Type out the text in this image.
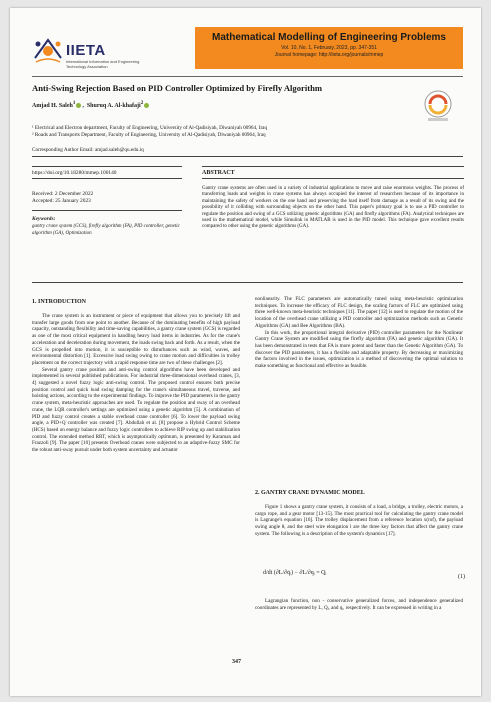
IIETA
International Information and Engineering Technology Association
Mathematical Modelling of Engineering Problems
Vol. 10, No. 1, February, 2023, pp. 347-351
Journal homepage: http://iieta.org/journals/mmep
Anti-Swing Rejection Based on PID Controller Optimized by Firefly Algorithm
Amjad H. Saleh$^1$ ,  Shuruq A. Al-khafaji$^2$
¹ Electrical and Electron department, Faculty of Engineering, University of Al-Qadisiyah, Diwaniyah 00964, Iraq
² Roads and Transports Department, Faculty of Engineering, University of Al-Qadisiyah, Diwaniyah 00964, Iraq
Corresponding Author Email: amjad.saleh@qu.edu.iq
https://doi.org/10.18280/mmep.100140	ABSTRACT
Received: 2 December 2022
Accepted: 25 January 2023
Keywords:
gantry crane system (GCS), firefly algorithm (FA), PID controller, genetic algorithm (GA), Optimization
Gantry crane systems are often used in a variety of industrial applications to move and raise enormous weights. The process of transferring loads and weights in crane systems has always occupied the interest of researchers because of its importance in maintaining the safety of workers on the one hand and preserving the load itself from damage as a result of its swing and the possibility of it colliding with surrounding objects on the other hand. This paper's primary goal is to use a PID controller to regulate the position and swing of a GCS utilizing genetic algorithms (GA) and firefly algorithms (FA). Analytical techniques are used in the mathematical model, while Simulink in MATLAB is used in the PID model. This technique gave excellent results compared to other using the genetic algorithms (GA).
1. INTRODUCTION

The crane system is an instrument or piece of equipment that allows you to precisely lift and transfer large goods from one point to another. Because of the dominating benefits of high payload capacity, outstanding flexibility and time-saving capabilities, a gantry crane system (GCS) is regarded as one of the most critical equipment in handling heavy load items in industries. As for the crane's acceleration and deceleration during movement, the loads swing back and forth. As a result, when the GCS is propelled into motion, it is susceptible to disturbances such as wind, waves, and environmental distortion [1]. Excessive load swing owing to crane motion and difficulties in trolley placement on the correct trajectory with a rapid response time are two of these challenges [2].

Several gantry crane position and anti-swing control algorithms have been developed and implemented in several published publications. For industrial three-dimensional overhead cranes, [3, 4] suggested a novel fuzzy logic anti-swing control. The proposed control ensures both precise position control and quick load swing damping for the crane's simultaneous travel, traverse, and hoisting actions, according to the experimental findings. To improve the PID parameters in the gantry crane system, meta-heuristic approaches are used. To regulate the position and sway of an overhead crane, the LQR controller's settings are optimized using a genetic algorithm [5]. A combination of PID and fuzzy control creates a stable overhead crane controller [6]. To lower the payload swing angle, a PID+Q controller was created [7]. Abdullah et al. [8] propose a Hybrid Control Scheme (HCS) based on energy balance and fuzzy logic controllers to achieve RIP swing up and stabilization control. The extended method RRT, which is asymptotically optimum, is presented by Karaman and Frazzoli [9]. The paper [10] presents Overhead cranes were subjected to an adaptive-fuzzy SMC for the robust anti-sway pursuit under both system uncertainty and actuator

nonlinearity. The FLC parameters are automatically tuned using meta-heuristic optimization techniques. To increase the efficacy of FLC design, the scaling factors of FLC are optimized using three well-known meta-heuristic techniques [11]. The paper [12] is used to regulate the motion of the location of the overhead crane utilizing a PID controller and optimization methods such as Genetic Algorithms (GA) and Bee Algorithms (BA).

In this work, the proportional integral derivative (PID) controller parameters for the Nonlinear Gantry Crane System are modified using the firefly algorithm (FA) and genetic algorithm (GA). It has been demonstrated in tests that FA is more potent and faster than the Genetic Algorithm (GA). To discover the PID parameters, it has a flexible and adaptable property. By decreasing or maximizing the factors involved in the issues, optimization is a method of discovering the optimal solution to make something as functional and effective as feasible.

2. GANTRY CRANE DYNAMIC MODEL

Figure 1 shows a gantry crane system, it consists of a load, a bridge, a trolley, electric motors, a cargo rope, and a gear motor [13-15]. The most practical tool for calculating the gantry crane model is Lagrange's equation [16]. The trolley displacement from a reference location x(rof), the payload swing angle θ, and the steel wire elongation l are the three key factors that affect the gantry crane system. The following is a description of the system's dynamics [17].

d/dt (∂L/∂q̇ᵢ) − ∂L/∂qᵢ = Qᵢ
(1)

Lagrangian function, non - conservative generalized forces, and independence generalized coordinates are represented by L, Qᵢ, and qᵢ, respectively. It can be expressed in writing in a

347
